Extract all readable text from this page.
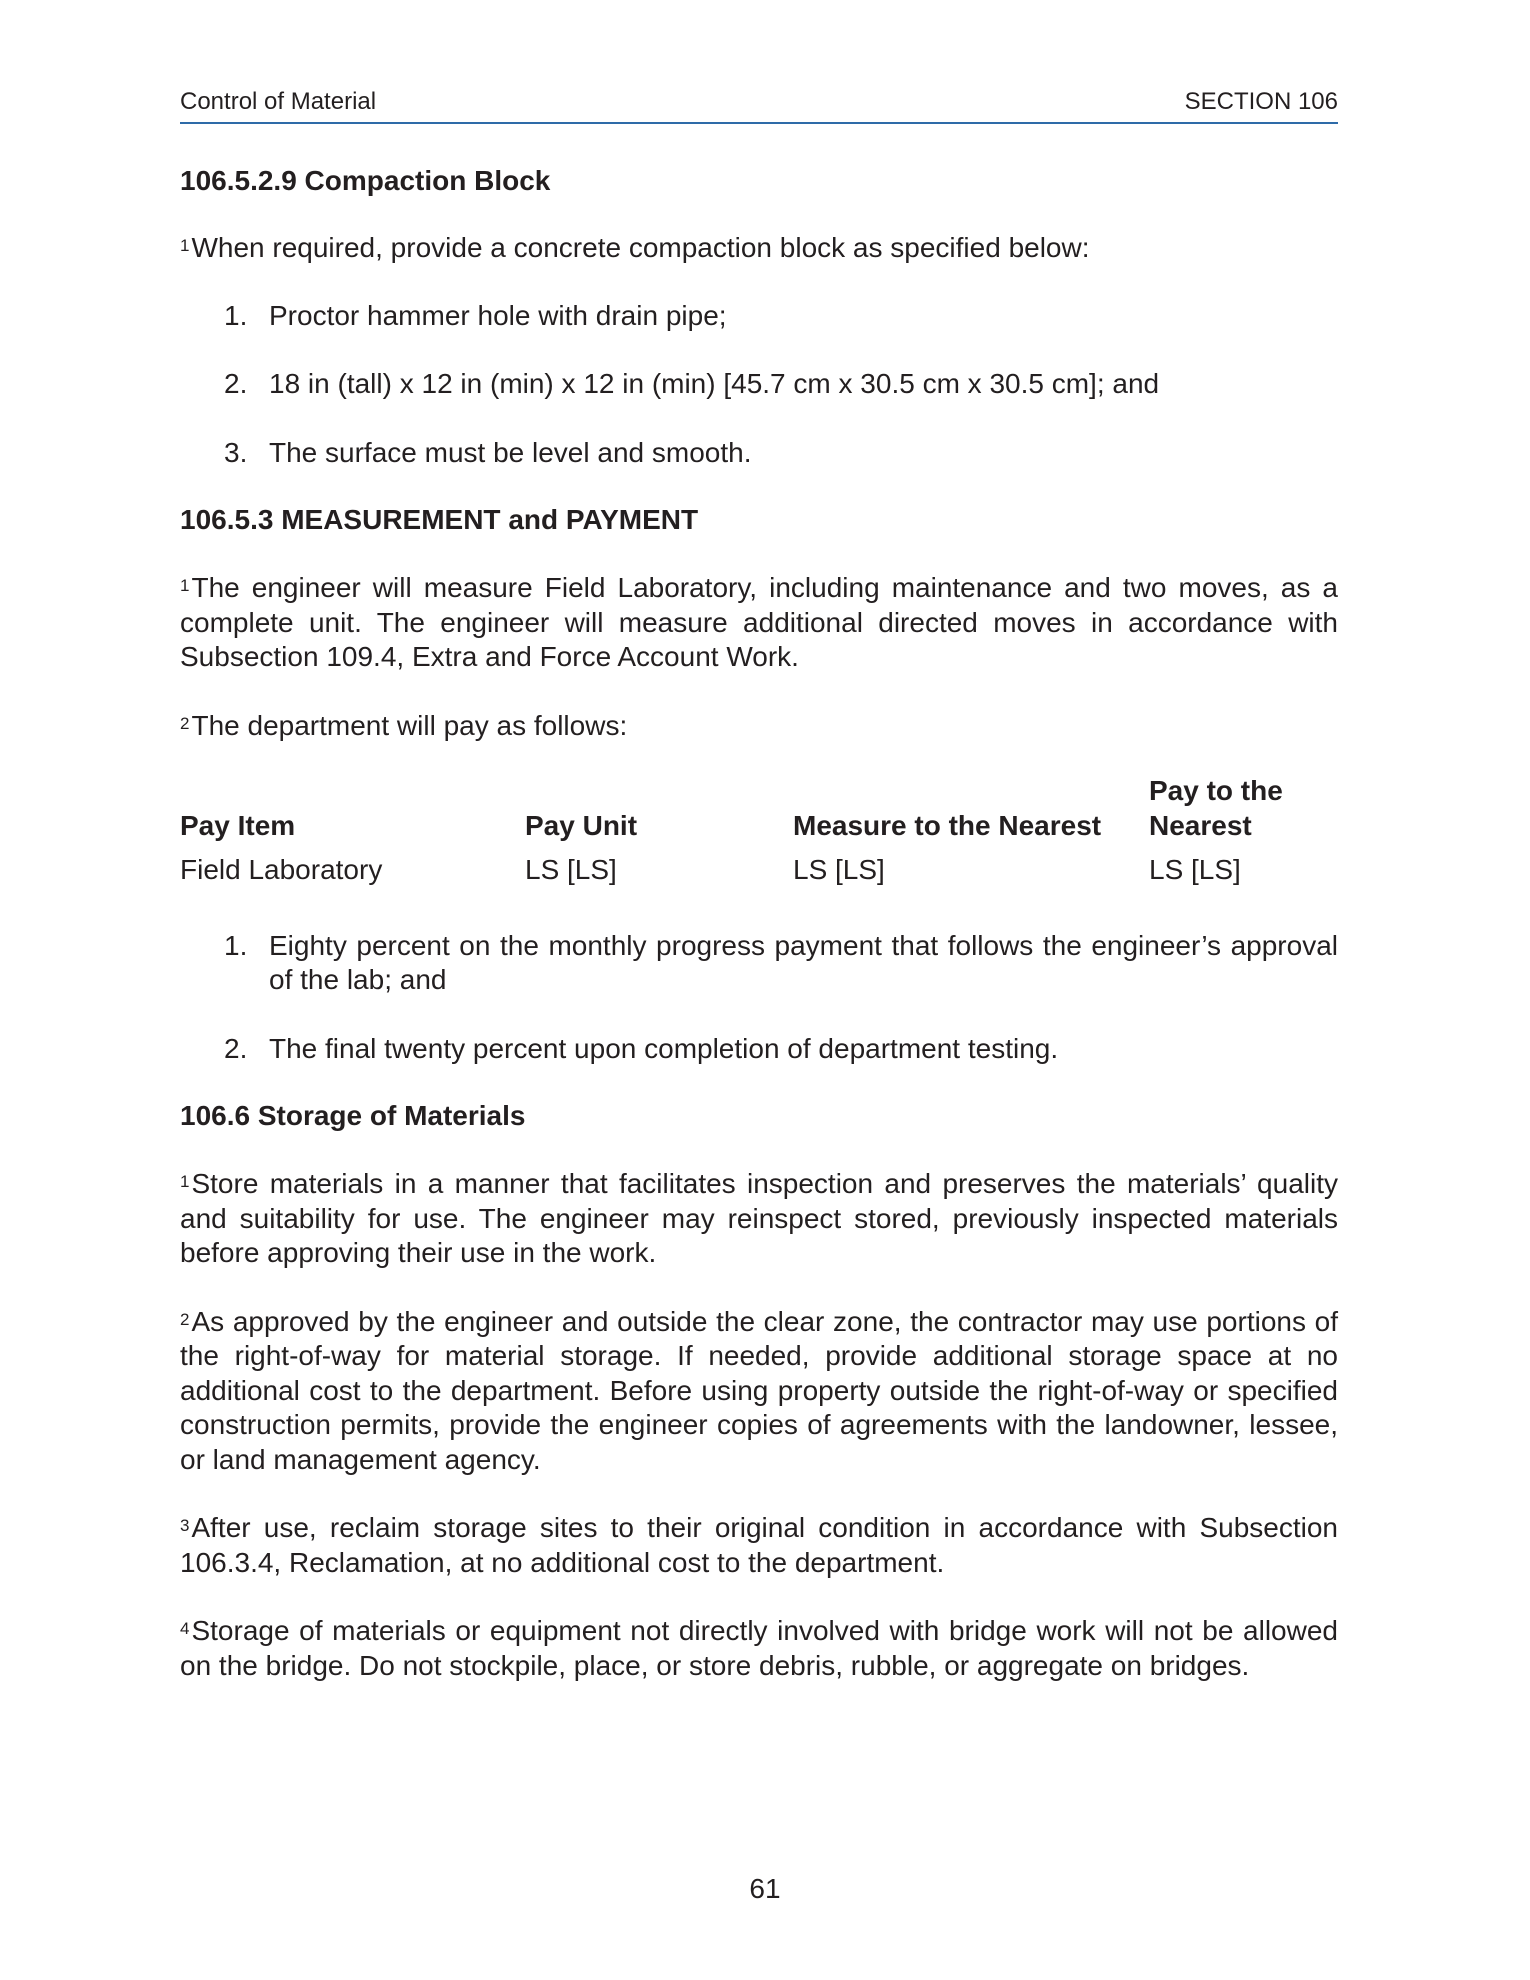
Control of Material	SECTION 106
106.5.2.9 Compaction Block

$^1$When required, provide a concrete compaction block as specified below:

1. Proctor hammer hole with drain pipe;
2. 18 in (tall) x 12 in (min) x 12 in (min) [45.7 cm x 30.5 cm x 30.5 cm]; and
3. The surface must be level and smooth.
106.5.3 MEASUREMENT and PAYMENT

$^1$The engineer will measure Field Laboratory, including maintenance and two moves, as a complete unit. The engineer will measure additional directed moves in accordance with Subsection 109.4, Extra and Force Account Work.

$^2$The department will pay as follows:

Pay Item	Pay Unit	Measure to the Nearest	Pay to the Nearest
Field Laboratory	LS [LS]	LS [LS]	LS [LS]
1. Eighty percent on the monthly progress payment that follows the engineer’s approval of the lab; and
2. The final twenty percent upon completion of department testing.
106.6 Storage of Materials

$^1$Store materials in a manner that facilitates inspection and preserves the materials’ quality and suitability for use. The engineer may reinspect stored, previously inspected materials before approving their use in the work.

$^2$As approved by the engineer and outside the clear zone, the contractor may use portions of the right-of-way for material storage. If needed, provide additional storage space at no additional cost to the department. Before using property outside the right-of-way or specified construction permits, provide the engineer copies of agreements with the landowner, lessee, or land management agency.

$^3$After use, reclaim storage sites to their original condition in accordance with Subsection 106.3.4, Reclamation, at no additional cost to the department.

$^4$Storage of materials or equipment not directly involved with bridge work will not be allowed on the bridge. Do not stockpile, place, or store debris, rubble, or aggregate on bridges.

61
